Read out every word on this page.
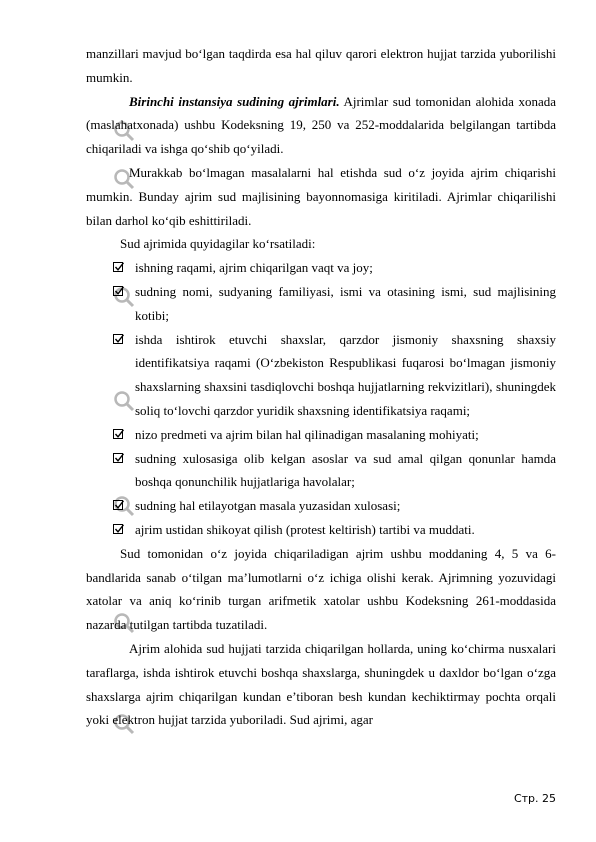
manzillari mavjud bo‘lgan taqdirda esa hal qiluv qarori elektron hujjat tarzida yuborilishi mumkin.

Birinchi instansiya sudining ajrimlari. Ajrimlar sud tomonidan alohida xonada (maslahatxonada) ushbu Kodeksning 19, 250 va 252-moddalarida belgilangan tartibda chiqariladi va ishga qo‘shib qo‘yiladi.

Murakkab bo‘lmagan masalalarni hal etishda sud o‘z joyida ajrim chiqarishi mumkin. Bunday ajrim sud majlisining bayonnomasiga kiritiladi. Ajrimlar chiqarilishi bilan darhol ko‘qib eshittiriladi.

Sud ajrimida quyidagilar ko‘rsatiladi:

ishning raqami, ajrim chiqarilgan vaqt va joy;
sudning nomi, sudyaning familiyasi, ismi va otasining ismi, sud majlisining kotibi;
ishda ishtirok etuvchi shaxslar, qarzdor jismoniy shaxsning shaxsiy identifikatsiya raqami (O‘zbekiston Respublikasi fuqarosi bo‘lmagan jismoniy shaxslarning shaxsini tasdiqlovchi boshqa hujjatlarning rekvizitlari), shuningdek soliq to‘lovchi qarzdor yuridik shaxsning identifikatsiya raqami;
nizo predmeti va ajrim bilan hal qilinadigan masalaning mohiyati;
sudning xulosasiga olib kelgan asoslar va sud amal qilgan qonunlar hamda boshqa qonunchilik hujjatlariga havolalar;
sudning hal etilayotgan masala yuzasidan xulosasi;
ajrim ustidan shikoyat qilish (protest keltirish) tartibi va muddati.

Sud tomonidan o‘z joyida chiqariladigan ajrim ushbu moddaning 4, 5 va 6-bandlarida sanab o‘tilgan ma’lumotlarni o‘z ichiga olishi kerak. Ajrimning yozuvidagi xatolar va aniq ko‘rinib turgan arifmetik xatolar ushbu Kodeksning 261-moddasida nazarda tutilgan tartibda tuzatiladi.

Ajrim alohida sud hujjati tarzida chiqarilgan hollarda, uning ko‘chirma nusxalari taraflarga, ishda ishtirok etuvchi boshqa shaxslarga, shuningdek u daxldor bo‘lgan o‘zga shaxslarga ajrim chiqarilgan kundan e’tiboran besh kundan kechiktirmay pochta orqali yoki elektron hujjat tarzida yuboriladi. Sud ajrimi, agar

Стр. 25
